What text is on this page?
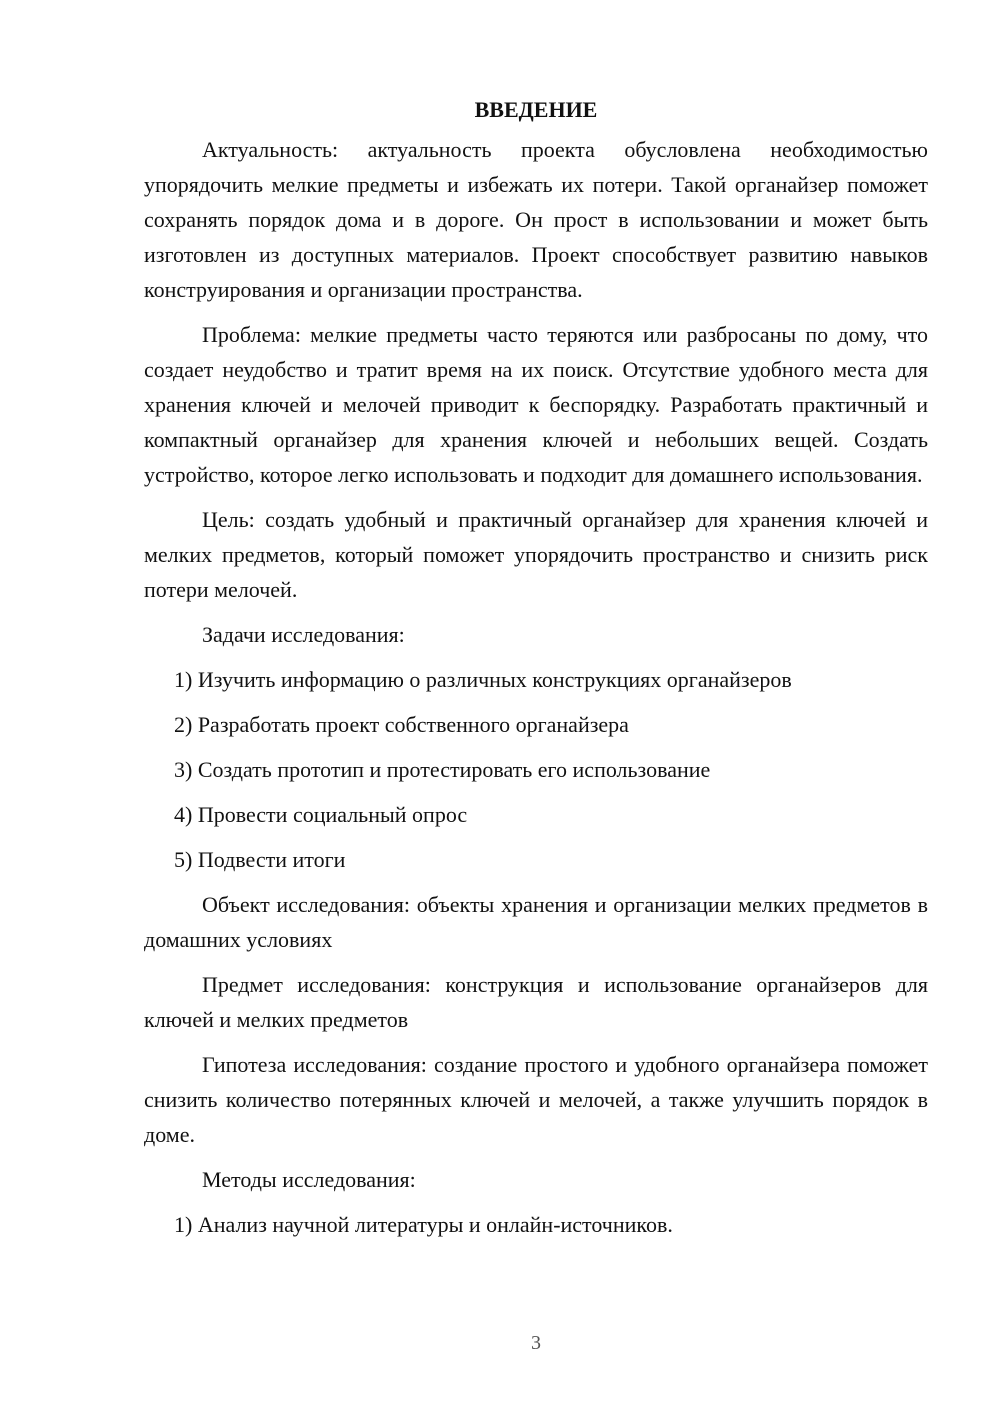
ВВЕДЕНИЕ

Актуальность: актуальность проекта обусловлена необходимостью упорядочить мелкие предметы и избежать их потери. Такой органайзер поможет сохранять порядок дома и в дороге. Он прост в использовании и может быть изготовлен из доступных материалов. Проект способствует развитию навыков конструирования и организации пространства.

Проблема: мелкие предметы часто теряются или разбросаны по дому, что создает неудобство и тратит время на их поиск. Отсутствие удобного места для хранения ключей и мелочей приводит к беспорядку. Разработать практичный и компактный органайзер для хранения ключей и небольших вещей. Создать устройство, которое легко использовать и подходит для домашнего использования.

Цель: создать удобный и практичный органайзер для хранения ключей и мелких предметов, который поможет упорядочить пространство и снизить риск потери мелочей.

Задачи исследования:

1) Изучить информацию о различных конструкциях органайзеров
2) Разработать проект собственного органайзера
3) Создать прототип и протестировать его использование
4) Провести социальный опрос
5) Подвести итоги

Объект исследования: объекты хранения и организации мелких предметов в домашних условиях

Предмет исследования: конструкция и использование органайзеров для ключей и мелких предметов

Гипотеза исследования: создание простого и удобного органайзера поможет снизить количество потерянных ключей и мелочей, а также улучшить порядок в доме.

Методы исследования:

1) Анализ научной литературы и онлайн-источников.
3
